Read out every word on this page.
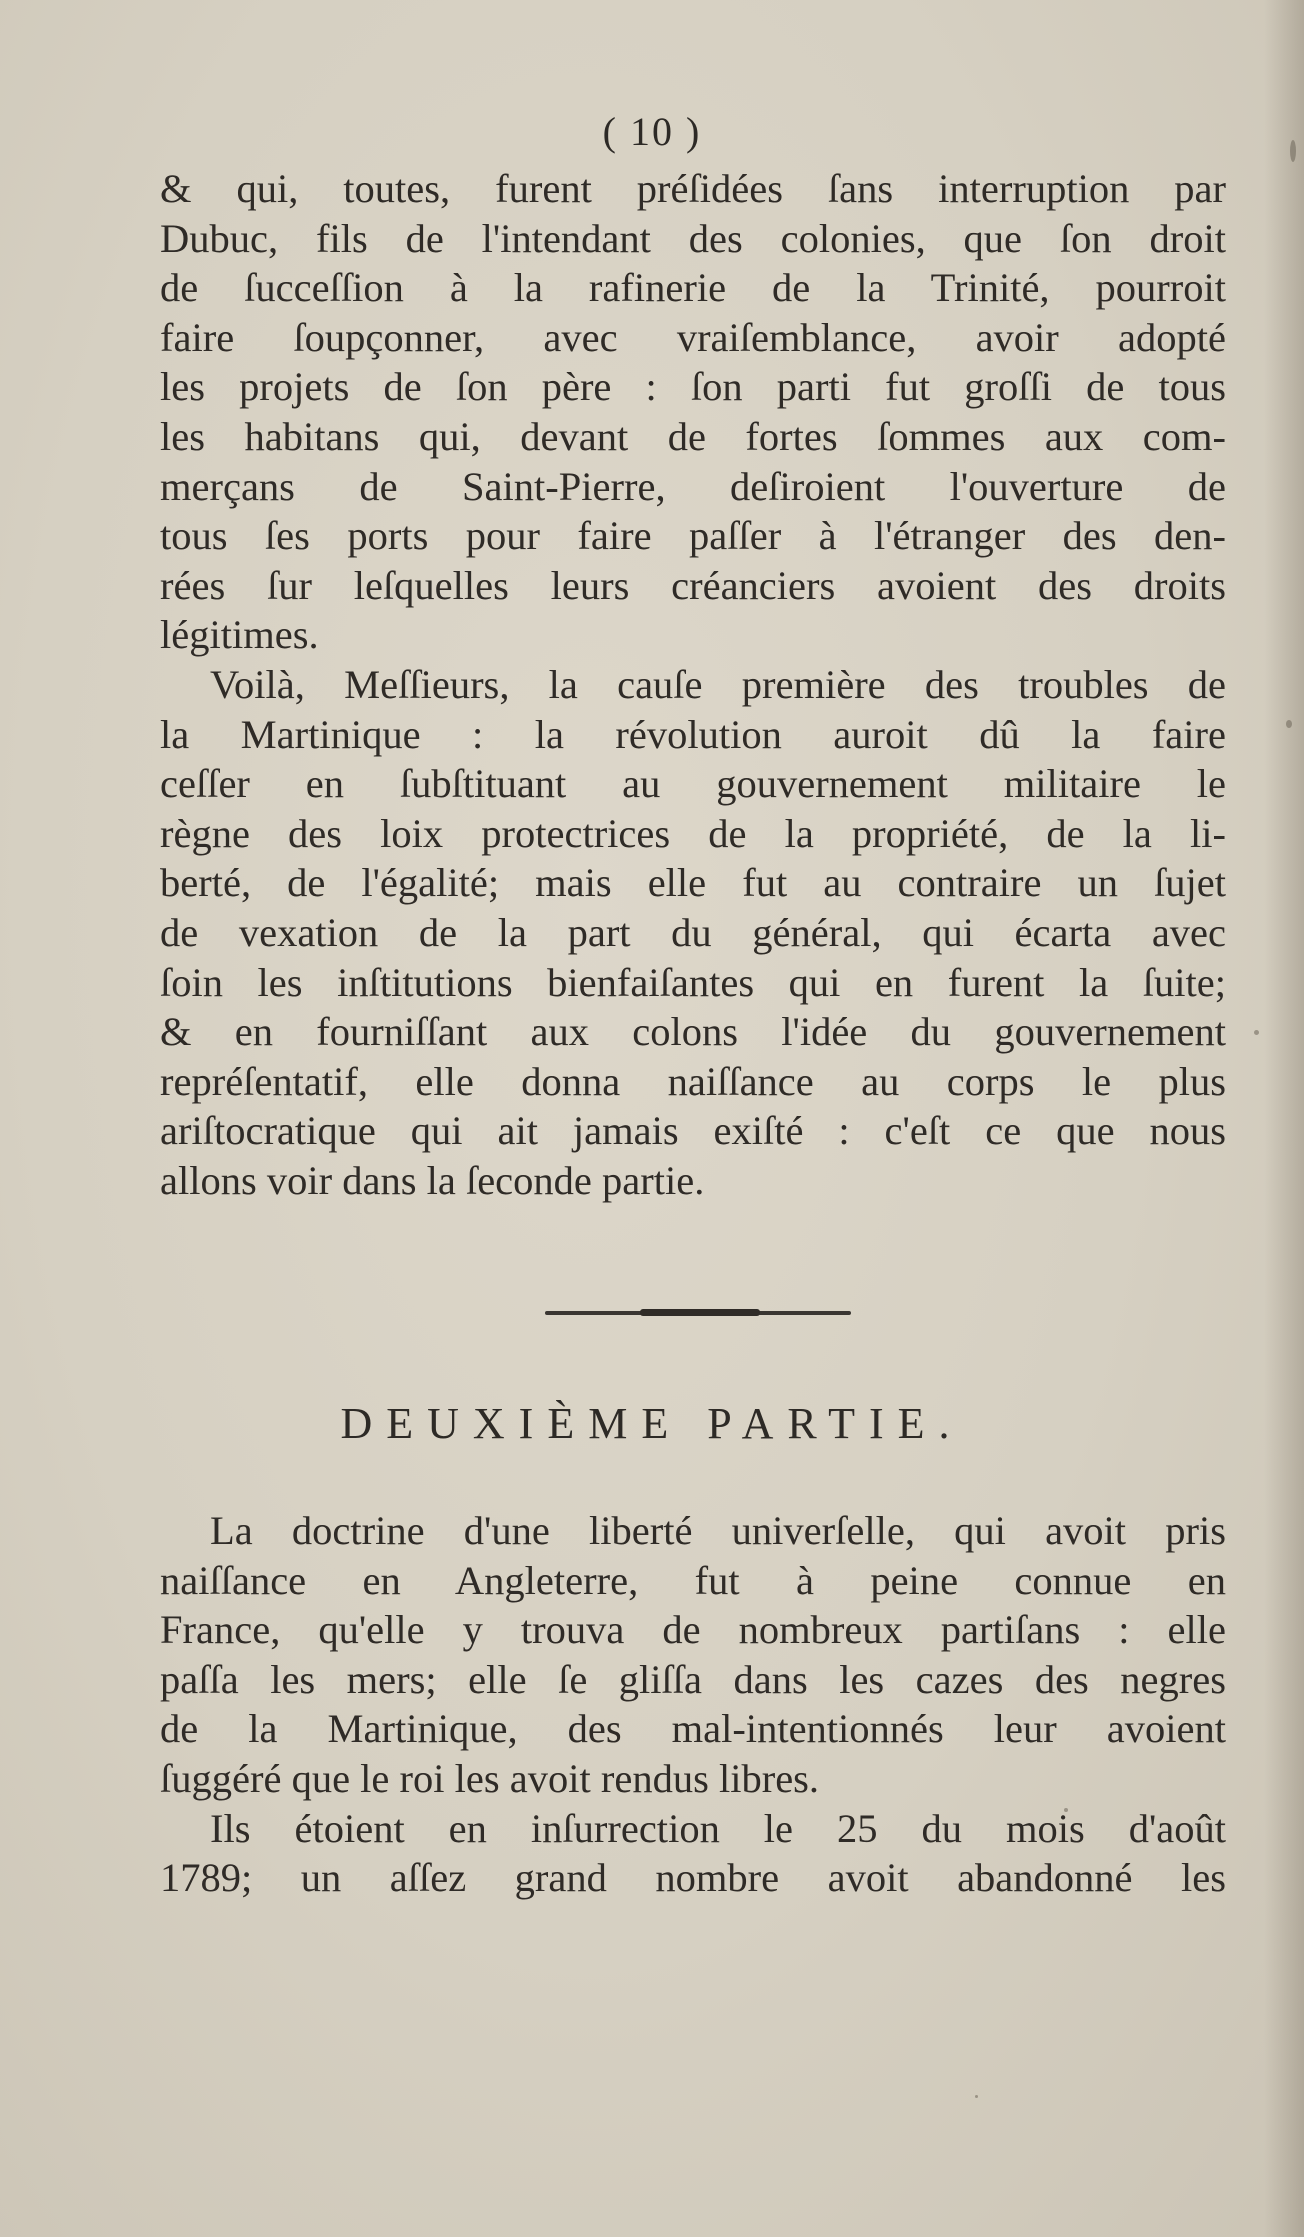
( 10 )

& qui, toutes, furent préſidées ſans interruption par
Dubuc, fils de l'intendant des colonies, que ſon droit
de ſucceſſion à la rafinerie de la Trinité, pourroit
faire ſoupçonner, avec vraiſemblance, avoir adopté
les projets de ſon père : ſon parti fut groſſi de tous
les habitans qui, devant de fortes ſommes aux com-
merçans de Saint-Pierre, deſiroient l'ouverture de
tous ſes ports pour faire paſſer à l'étranger des den-
rées ſur leſquelles leurs créanciers avoient des droits
légitimes.

Voilà, Meſſieurs, la cauſe première des troubles de
la Martinique : la révolution auroit dû la faire
ceſſer en ſubſtituant au gouvernement militaire le
règne des loix protectrices de la propriété, de la li-
berté, de l'égalité; mais elle fut au contraire un ſujet
de vexation de la part du général, qui écarta avec
ſoin les inſtitutions bienfaiſantes qui en furent la ſuite;
& en fourniſſant aux colons l'idée du gouvernement
repréſentatif, elle donna naiſſance au corps le plus
ariſtocratique qui ait jamais exiſté : c'eſt ce que nous
allons voir dans la ſeconde partie.

DEUXIÈME PARTIE.

La doctrine d'une liberté univerſelle, qui avoit pris
naiſſance en Angleterre, fut à peine connue en
France, qu'elle y trouva de nombreux partiſans : elle
paſſa les mers; elle ſe gliſſa dans les cazes des negres
de la Martinique, des mal-intentionnés leur avoient
ſuggéré que le roi les avoit rendus libres.

Ils étoient en inſurrection le 25 du mois d'août
1789; un aſſez grand nombre avoit abandonné les
